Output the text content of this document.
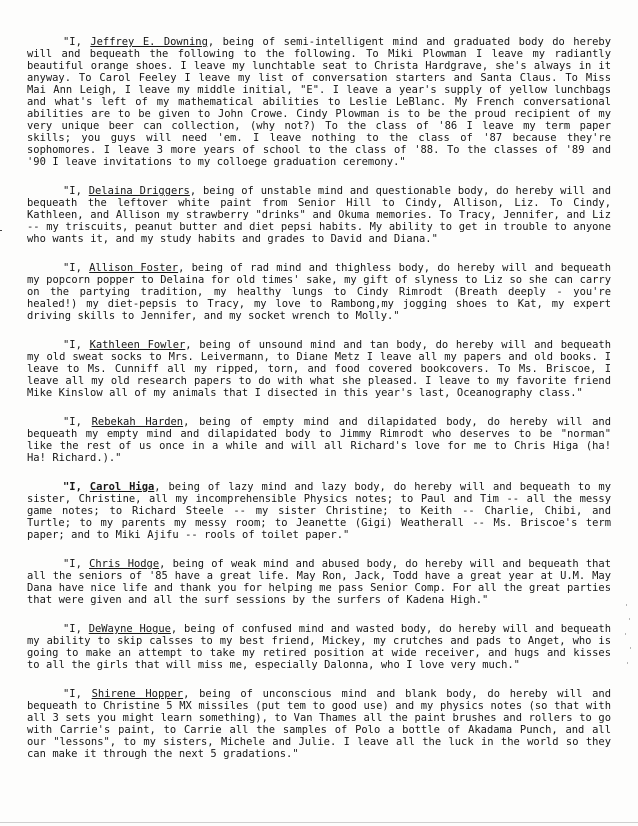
"I, Jeffrey E. Downing, being of semi-intelligent mind and graduated body do hereby will and bequeath the following to the following. To Miki Plowman I leave my radiantly beautiful orange shoes. I leave my lunchtable seat to Christa Hardgrave, she's always in it anyway. To Carol Feeley I leave my list of conversation starters and Santa Claus. To Miss Mai Ann Leigh, I leave my middle initial, "E". I leave a year's supply of yellow lunchbags and what's left of my mathematical abilities to Leslie LeBlanc. My French conversational abilities are to be given to John Crowe. Cindy Plowman is to be the proud recipient of my very unique beer can collection, (why not?) To the class of '86 I leave my term paper skills; you guys will need 'em. I leave nothing to the class of '87 because they're sophomores. I leave 3 more years of school to the class of '88. To the classes of '89 and '90 I leave invitations to my colloege graduation ceremony."

"I, Delaina Driggers, being of unstable mind and questionable body, do hereby will and bequeath the leftover white paint from Senior Hill to Cindy, Allison, Liz. To Cindy, Kathleen, and Allison my strawberry "drinks" and Okuma memories. To Tracy, Jennifer, and Liz -- my triscuits, peanut butter and diet pepsi habits. My ability to get in trouble to anyone who wants it, and my study habits and grades to David and Diana."

"I, Allison Foster, being of rad mind and thighless body, do hereby will and bequeath my popcorn popper to Delaina for old times' sake, my gift of slyness to Liz so she can carry on the partying tradition, my healthy lungs to Cindy Rimrodt (Breath deeply - you're healed!) my diet-pepsis to Tracy, my love to Rambong,my jogging shoes to Kat, my expert driving skills to Jennifer, and my socket wrench to Molly."

"I, Kathleen Fowler, being of unsound mind and tan body, do hereby will and bequeath my old sweat socks to Mrs. Leivermann, to Diane Metz I leave all my papers and old books. I leave to Ms. Cunniff all my ripped, torn, and food covered bookcovers. To Ms. Briscoe, I leave all my old research papers to do with what she pleased. I leave to my favorite friend Mike Kinslow all of my animals that I disected in this year's last, Oceanography class."

"I, Rebekah Harden, being of empty mind and dilapidated body, do hereby will and bequeath my empty mind and dilapidated body to Jimmy Rimrodt who deserves to be "norman" like the rest of us once in a while and will all Richard's love for me to Chris Higa (ha! Ha! Richard.)."

"I, Carol Higa, being of lazy mind and lazy body, do hereby will and bequeath to my sister, Christine, all my incomprehensible Physics notes; to Paul and Tim -- all the messy game notes; to Richard Steele -- my sister Christine; to Keith -- Charlie, Chibi, and Turtle; to my parents my messy room; to Jeanette (Gigi) Weatherall -- Ms. Briscoe's term paper; and to Miki Ajifu -- rools of toilet paper."

"I, Chris Hodge, being of weak mind and abused body, do hereby will and bequeath that all the seniors of '85 have a great life. May Ron, Jack, Todd have a great year at U.M. May Dana have nice life and thank you for helping me pass Senior Comp. For all the great parties that were given and all the surf sessions by the surfers of Kadena High."

"I, DeWayne Hogue, being of confused mind and wasted body, do hereby will and bequeath my ability to skip calsses to my best friend, Mickey, my crutches and pads to Anget, who is going to make an attempt to take my retired position at wide receiver, and hugs and kisses to all the girls that will miss me, especially Dalonna, who I love very much."

"I, Shirene Hopper, being of unconscious mind and blank body, do hereby will and bequeath to Christine 5 MX missiles (put tem to good use) and my physics notes (so that with all 3 sets you might learn something), to Van Thames all the paint brushes and rollers to go with Carrie's paint, to Carrie all the samples of Polo a bottle of Akadama Punch, and all our "lessons", to my sisters, Michele and Julie. I leave all the luck in the world so they can make it through the next 5 gradations."
